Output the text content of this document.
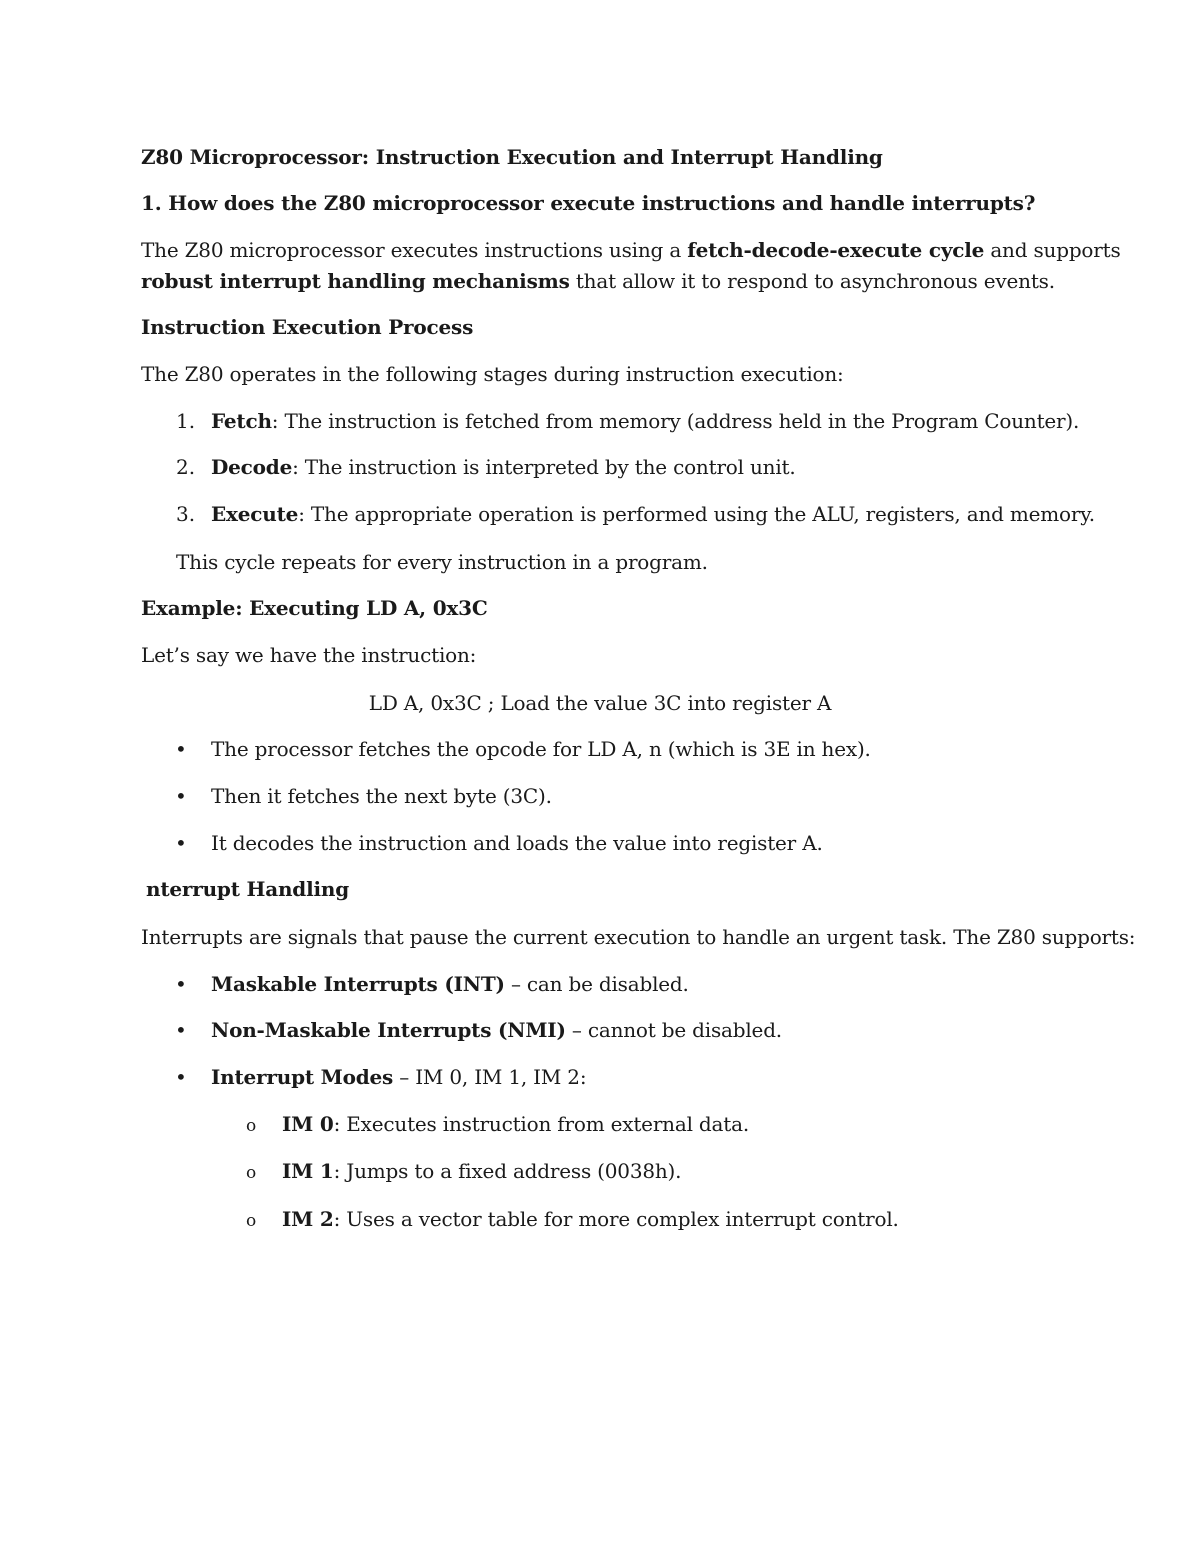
Z80 Microprocessor: Instruction Execution and Interrupt Handling
1. How does the Z80 microprocessor execute instructions and handle interrupts?
The Z80 microprocessor executes instructions using a fetch-decode-execute cycle and supports
robust interrupt handling mechanisms that allow it to respond to asynchronous events.
Instruction Execution Process
The Z80 operates in the following stages during instruction execution:
1. Fetch: The instruction is fetched from memory (address held in the Program Counter).
2. Decode: The instruction is interpreted by the control unit.
3. Execute: The appropriate operation is performed using the ALU, registers, and memory.
This cycle repeats for every instruction in a program.
Example: Executing LD A, 0x3C
Let’s say we have the instruction:
LD A, 0x3C ; Load the value 3C into register A
• The processor fetches the opcode for LD A, n (which is 3E in hex).
• Then it fetches the next byte (3C).
• It decodes the instruction and loads the value into register A.
nterrupt Handling
Interrupts are signals that pause the current execution to handle an urgent task. The Z80 supports:
• Maskable Interrupts (INT) – can be disabled.
• Non-Maskable Interrupts (NMI) – cannot be disabled.
• Interrupt Modes – IM 0, IM 1, IM 2:
o IM 0: Executes instruction from external data.
o IM 1: Jumps to a fixed address (0038h).
o IM 2: Uses a vector table for more complex interrupt control.
